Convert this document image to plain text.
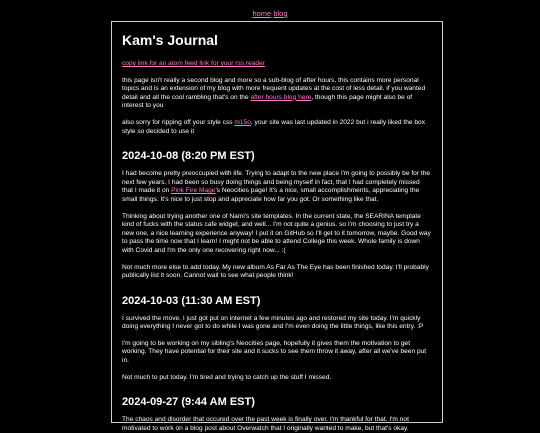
home blog
Kam's Journal

copy link for an atom feed link for your rss reader

this page isn't really a second blog and more so a sub-blog of after hours, this contains more personal topics and is an extension of my blog with more frequent updates at the cost of less detail. if you wanted detail and all the cool rambling that's on the after hours blog here, though this page might also be of interest to you

also sorry for ripping off your style css m15o, your site was last updated in 2022 but i really liked the box style so decided to use it

2024-10-08 (8:20 PM EST)

I had become pretty preoccupied with life. Trying to adapt to the new place I'm going to possibly be for the next few years. I had been so busy doing things and being myself in fact, that I had completely missed that I made it on Pink Fire Mage's Neocities page! It's a nice, small accomplishments, appreciating the small things. It's nice to just stop and appreciate how far you got. Or something like that.

Thinking about trying another one of Nami's site templates. In the current state, the SEARINA template kind of fucks with the status cafe widget, and well... I'm not quite a genius. so I'm choosing to just try a new one, a nice learning experience anyway! I put it on GitHub so I'll get to it tomorrow, maybe. Good way to pass the time now that I learn! I might not be able to attend College this week. Whole family is down with Covid and I'm the only one recovering right now... :(

Not much more else to add today. My new album As Far As The Eye has been finished today. I'll probably publically list it soon. Cannot wait to see what people think!

2024-10-03 (11:30 AM EST)

I survived the move. I just got put on internet a few minutes ago and restored my site today. I'm quickly doing everything I never got to do while I was gone and I'm even doing the little things, like this entry. :P

I'm going to be working on my sibling's Neocities page, hopefully it gives them the motivation to get working. They have potential for their site and it sucks to see them throw it away, after all we've been put in.

Not much to put today. I'm tired and trying to catch up the stuff I missed.

2024-09-27 (9:44 AM EST)

The chaos and disorder that occured over the past week is finally over. I'm thankful for that. I'm not motivated to work on a blog post about Overwatch that I originally wanted to make, but that's okay.
